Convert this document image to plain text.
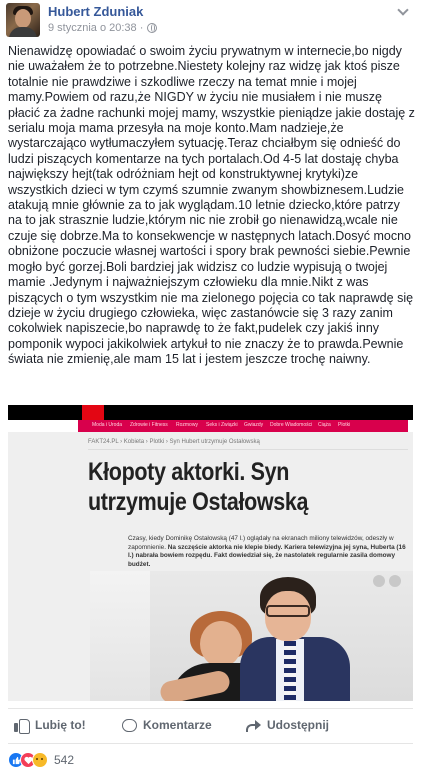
Hubert Zduniak
9 stycznia o 20:38 ·
Nienawidzę opowiadać o swoim życiu prywatnym w internecie,bo nigdy nie uważałem że to potrzebne.Niestety kolejny raz widzę jak ktoś pisze totalnie nie prawdziwe i szkodliwe rzeczy na temat mnie i mojej mamy.Powiem od razu,że NIGDY w życiu nie musiałem i nie muszę płacić za żadne rachunki mojej mamy, wszystkie pieniądze jakie dostaję z serialu moja mama przesyła na moje konto.Mam nadzieje,że wystarczająco wytłumaczyłem sytuację.Teraz chciałbym się odnieść do ludzi piszących komentarze na tych portalach.Od 4-5 lat dostaję chyba największy hejt(tak odróżniam hejt od konstruktywnej krytyki)ze wszystkich dzieci w tym czymś szumnie zwanym showbiznesem.Ludzie atakują mnie głównie za to jak wyglądam.10 letnie dziecko,które patrzy na to jak strasznie ludzie,którym nic nie zrobił go nienawidzą,wcale nie czuje się dobrze.Ma to konsekwencje w następnych latach.Dosyć mocno obniżone poczucie własnej wartości i spory brak pewności siebie.Pewnie mogło być gorzej.Boli bardziej jak widzisz co ludzie wypisują o twojej mamie .Jedynym i najważniejszym człowieku dla mnie.Nikt z was piszących o tym wszystkim nie ma zielonego pojęcia co tak naprawdę się dzieje w życiu drugiego człowieka, więc zastanówcie się 3 razy zanim cokolwiek napiszecie,bo naprawdę to że fakt,pudelek czy jakiś inny pomponik wypoci jakikolwiek artykuł to nie znaczy że to prawda.Pewnie świata nie zmienię,ale mam 15 lat i jestem jeszcze trochę naiwny.
Moda i Uroda Zdrowie i Fitness Rozmowy Seks i Związki Gwiazdy Dobre Wiadomości Ciąża Plotki
FAKT24.PL › Kobieta › Plotki › Syn Hubert utrzymuje Ostałowską
Kłopoty aktorki. Syn utrzymuje Ostałowską
Czasy, kiedy Dominikę Ostałowską (47 l.) oglądały na ekranach miliony telewidzów, odeszły w zapomnienie. Na szczęście aktorka nie klepie biedy. Kariera telewizyjna jej syna, Huberta (16 l.) nabrała bowiem rozpędu. Fakt dowiedział się, że nastolatek regularnie zasila domowy budżet.
Lubię to!	Komentarze	Udostępnij
542
